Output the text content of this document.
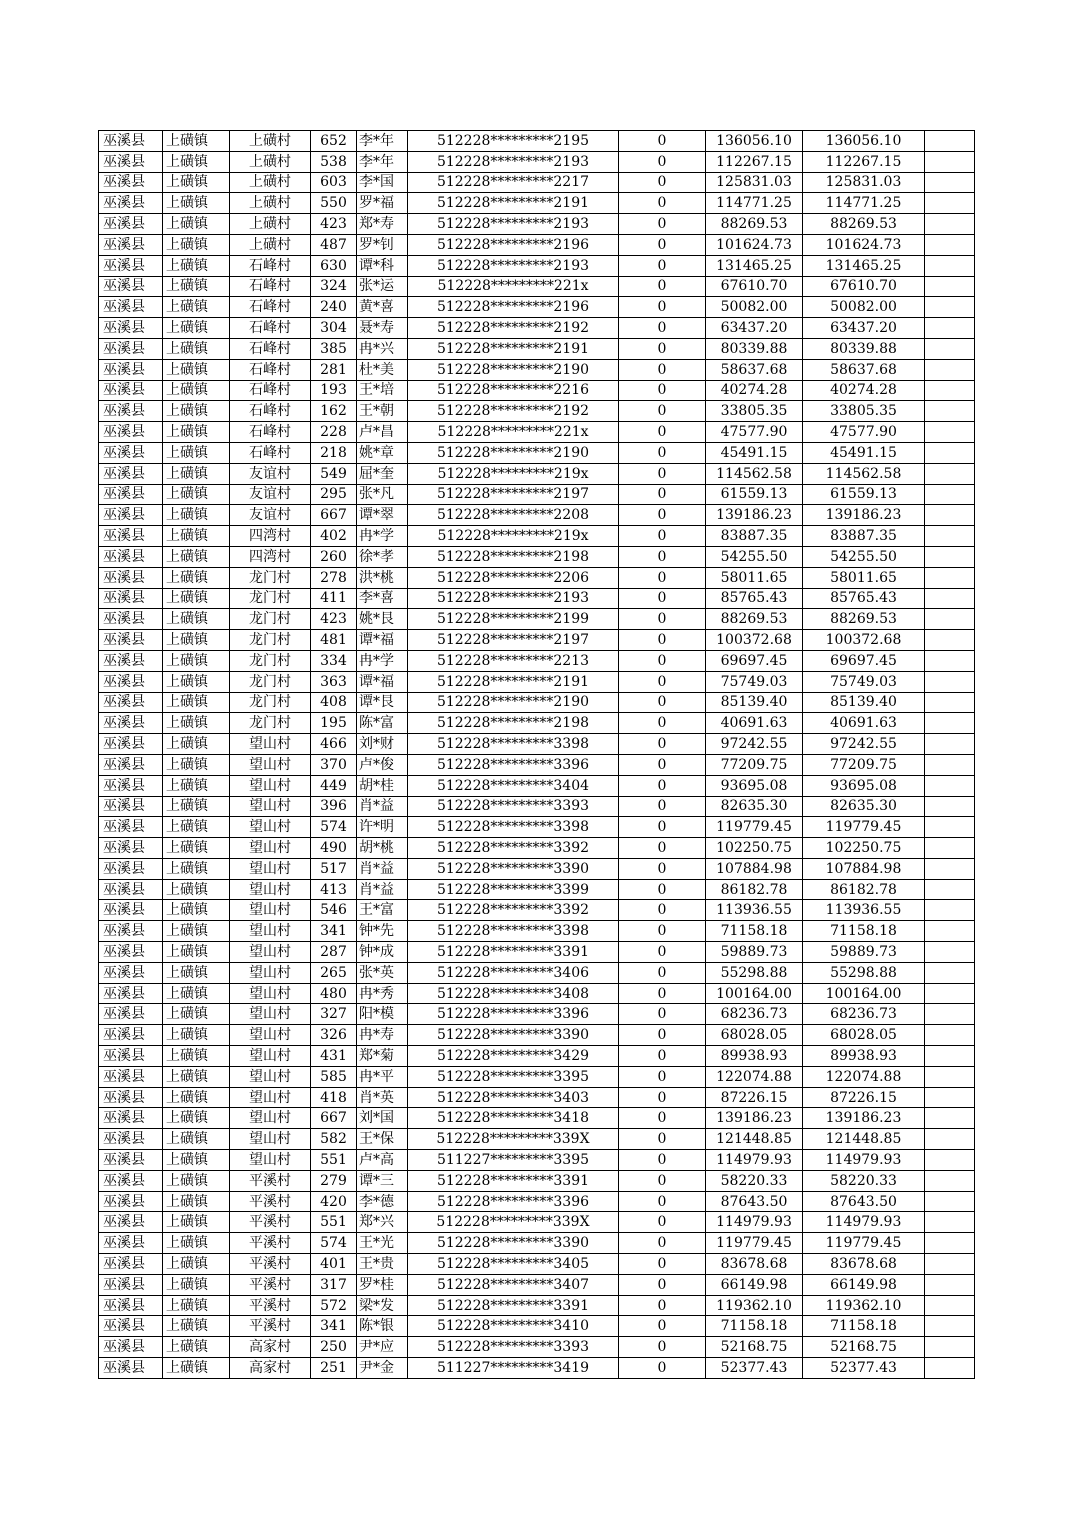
巫溪县	上磺镇	上磺村	652	李*年	512228*********2195	0	136056.10	136056.10	
巫溪县	上磺镇	上磺村	538	李*年	512228*********2193	0	112267.15	112267.15	
巫溪县	上磺镇	上磺村	603	李*国	512228*********2217	0	125831.03	125831.03	
巫溪县	上磺镇	上磺村	550	罗*福	512228*********2191	0	114771.25	114771.25	
巫溪县	上磺镇	上磺村	423	郑*寿	512228*********2193	0	88269.53	88269.53	
巫溪县	上磺镇	上磺村	487	罗*钊	512228*********2196	0	101624.73	101624.73	
巫溪县	上磺镇	石峰村	630	谭*科	512228*********2193	0	131465.25	131465.25	
巫溪县	上磺镇	石峰村	324	张*运	512228*********221x	0	67610.70	67610.70	
巫溪县	上磺镇	石峰村	240	黄*喜	512228*********2196	0	50082.00	50082.00	
巫溪县	上磺镇	石峰村	304	聂*寿	512228*********2192	0	63437.20	63437.20	
巫溪县	上磺镇	石峰村	385	冉*兴	512228*********2191	0	80339.88	80339.88	
巫溪县	上磺镇	石峰村	281	杜*美	512228*********2190	0	58637.68	58637.68	
巫溪县	上磺镇	石峰村	193	王*培	512228*********2216	0	40274.28	40274.28	
巫溪县	上磺镇	石峰村	162	王*朝	512228*********2192	0	33805.35	33805.35	
巫溪县	上磺镇	石峰村	228	卢*昌	512228*********221x	0	47577.90	47577.90	
巫溪县	上磺镇	石峰村	218	姚*章	512228*********2190	0	45491.15	45491.15	
巫溪县	上磺镇	友谊村	549	屈*奎	512228*********219x	0	114562.58	114562.58	
巫溪县	上磺镇	友谊村	295	张*凡	512228*********2197	0	61559.13	61559.13	
巫溪县	上磺镇	友谊村	667	谭*翠	512228*********2208	0	139186.23	139186.23	
巫溪县	上磺镇	四湾村	402	冉*学	512228*********219x	0	83887.35	83887.35	
巫溪县	上磺镇	四湾村	260	徐*孝	512228*********2198	0	54255.50	54255.50	
巫溪县	上磺镇	龙门村	278	洪*桃	512228*********2206	0	58011.65	58011.65	
巫溪县	上磺镇	龙门村	411	李*喜	512228*********2193	0	85765.43	85765.43	
巫溪县	上磺镇	龙门村	423	姚*艮	512228*********2199	0	88269.53	88269.53	
巫溪县	上磺镇	龙门村	481	谭*福	512228*********2197	0	100372.68	100372.68	
巫溪县	上磺镇	龙门村	334	冉*学	512228*********2213	0	69697.45	69697.45	
巫溪县	上磺镇	龙门村	363	谭*福	512228*********2191	0	75749.03	75749.03	
巫溪县	上磺镇	龙门村	408	谭*艮	512228*********2190	0	85139.40	85139.40	
巫溪县	上磺镇	龙门村	195	陈*富	512228*********2198	0	40691.63	40691.63	
巫溪县	上磺镇	望山村	466	刘*财	512228*********3398	0	97242.55	97242.55	
巫溪县	上磺镇	望山村	370	卢*俊	512228*********3396	0	77209.75	77209.75	
巫溪县	上磺镇	望山村	449	胡*桂	512228*********3404	0	93695.08	93695.08	
巫溪县	上磺镇	望山村	396	肖*益	512228*********3393	0	82635.30	82635.30	
巫溪县	上磺镇	望山村	574	许*明	512228*********3398	0	119779.45	119779.45	
巫溪县	上磺镇	望山村	490	胡*桃	512228*********3392	0	102250.75	102250.75	
巫溪县	上磺镇	望山村	517	肖*益	512228*********3390	0	107884.98	107884.98	
巫溪县	上磺镇	望山村	413	肖*益	512228*********3399	0	86182.78	86182.78	
巫溪县	上磺镇	望山村	546	王*富	512228*********3392	0	113936.55	113936.55	
巫溪县	上磺镇	望山村	341	钟*先	512228*********3398	0	71158.18	71158.18	
巫溪县	上磺镇	望山村	287	钟*成	512228*********3391	0	59889.73	59889.73	
巫溪县	上磺镇	望山村	265	张*英	512228*********3406	0	55298.88	55298.88	
巫溪县	上磺镇	望山村	480	冉*秀	512228*********3408	0	100164.00	100164.00	
巫溪县	上磺镇	望山村	327	阳*模	512228*********3396	0	68236.73	68236.73	
巫溪县	上磺镇	望山村	326	冉*寿	512228*********3390	0	68028.05	68028.05	
巫溪县	上磺镇	望山村	431	郑*菊	512228*********3429	0	89938.93	89938.93	
巫溪县	上磺镇	望山村	585	冉*平	512228*********3395	0	122074.88	122074.88	
巫溪县	上磺镇	望山村	418	肖*英	512228*********3403	0	87226.15	87226.15	
巫溪县	上磺镇	望山村	667	刘*国	512228*********3418	0	139186.23	139186.23	
巫溪县	上磺镇	望山村	582	王*保	512228*********339X	0	121448.85	121448.85	
巫溪县	上磺镇	望山村	551	卢*高	511227*********3395	0	114979.93	114979.93	
巫溪县	上磺镇	平溪村	279	谭*三	512228*********3391	0	58220.33	58220.33	
巫溪县	上磺镇	平溪村	420	李*德	512228*********3396	0	87643.50	87643.50	
巫溪县	上磺镇	平溪村	551	郑*兴	512228*********339X	0	114979.93	114979.93	
巫溪县	上磺镇	平溪村	574	王*光	512228*********3390	0	119779.45	119779.45	
巫溪县	上磺镇	平溪村	401	王*贵	512228*********3405	0	83678.68	83678.68	
巫溪县	上磺镇	平溪村	317	罗*桂	512228*********3407	0	66149.98	66149.98	
巫溪县	上磺镇	平溪村	572	梁*发	512228*********3391	0	119362.10	119362.10	
巫溪县	上磺镇	平溪村	341	陈*银	512228*********3410	0	71158.18	71158.18	
巫溪县	上磺镇	高家村	250	尹*应	512228*********3393	0	52168.75	52168.75	
巫溪县	上磺镇	高家村	251	尹*金	511227*********3419	0	52377.43	52377.43	
